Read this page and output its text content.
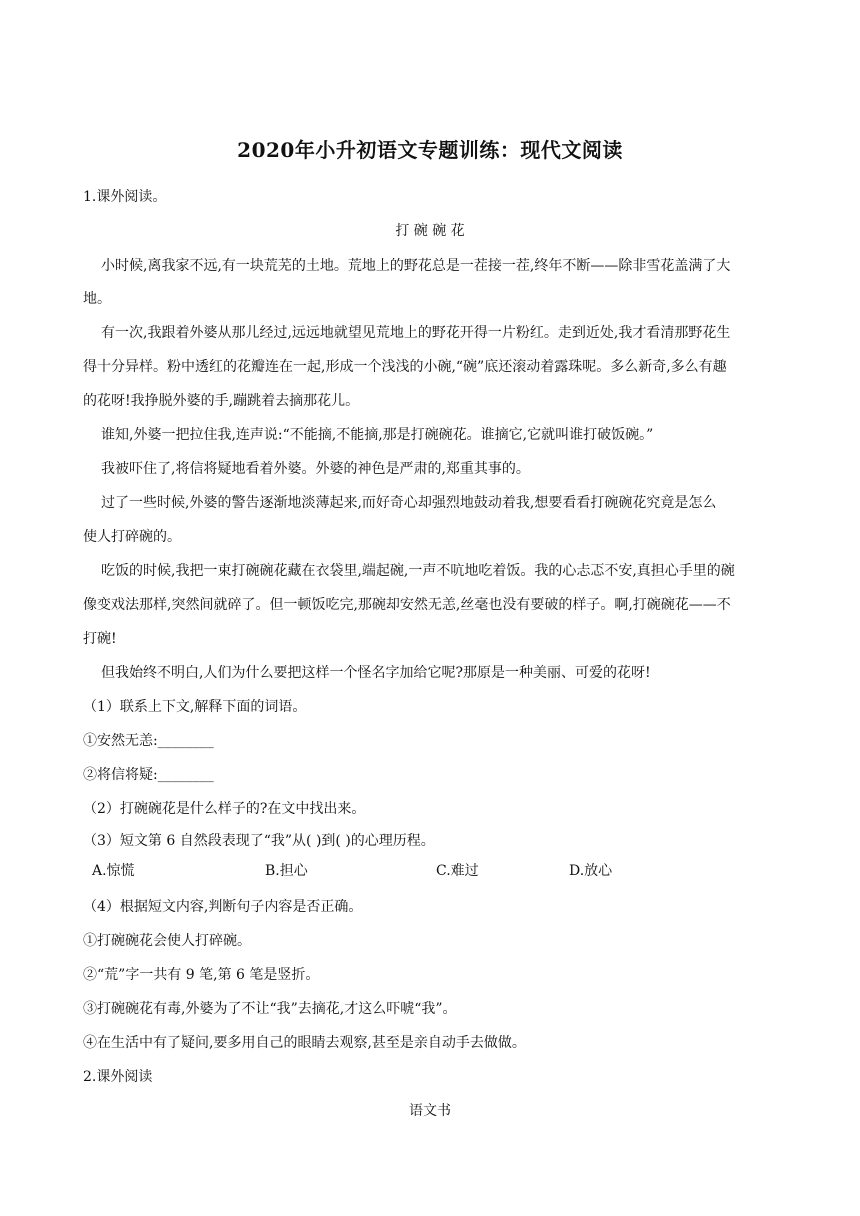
2020年小升初语文专题训练：现代文阅读
1.课外阅读。
打 碗 碗 花
小时候,离我家不远,有一块荒芜的土地。荒地上的野花总是一茬接一茬,终年不断——除非雪花盖满了大
地。
有一次,我跟着外婆从那儿经过,远远地就望见荒地上的野花开得一片粉红。走到近处,我才看清那野花生
得十分异样。粉中透红的花瓣连在一起,形成一个浅浅的小碗,“碗”底还滚动着露珠呢。多么新奇,多么有趣
的花呀!我挣脱外婆的手,蹦跳着去摘那花儿。
谁知,外婆一把拉住我,连声说:“不能摘,不能摘,那是打碗碗花。谁摘它,它就叫谁打破饭碗。”
我被吓住了,将信将疑地看着外婆。外婆的神色是严肃的,郑重其事的。
过了一些时候,外婆的警告逐渐地淡薄起来,而好奇心却强烈地鼓动着我,想要看看打碗碗花究竟是怎么
使人打碎碗的。
吃饭的时候,我把一束打碗碗花藏在衣袋里,端起碗,一声不吭地吃着饭。我的心忐忑不安,真担心手里的碗
像变戏法那样,突然间就碎了。但一顿饭吃完,那碗却安然无恙,丝毫也没有要破的样子。啊,打碗碗花——不
打碗!
但我始终不明白,人们为什么要把这样一个怪名字加给它呢?那原是一种美丽、可爱的花呀!
（1）联系上下文,解释下面的词语。
①安然无恙:________
②将信将疑:________
（2）打碗碗花是什么样子的?在文中找出来。
（3）短文第 6 自然段表现了“我”从( )到( )的心理历程。
A.惊慌	B.担心	C.难过	D.放心
（4）根据短文内容,判断句子内容是否正确。
①打碗碗花会使人打碎碗。
②“荒”字一共有 9 笔,第 6 笔是竖折。
③打碗碗花有毒,外婆为了不让“我”去摘花,才这么吓唬“我”。
④在生活中有了疑问,要多用自己的眼睛去观察,甚至是亲自动手去做做。
2.课外阅读
语文书
